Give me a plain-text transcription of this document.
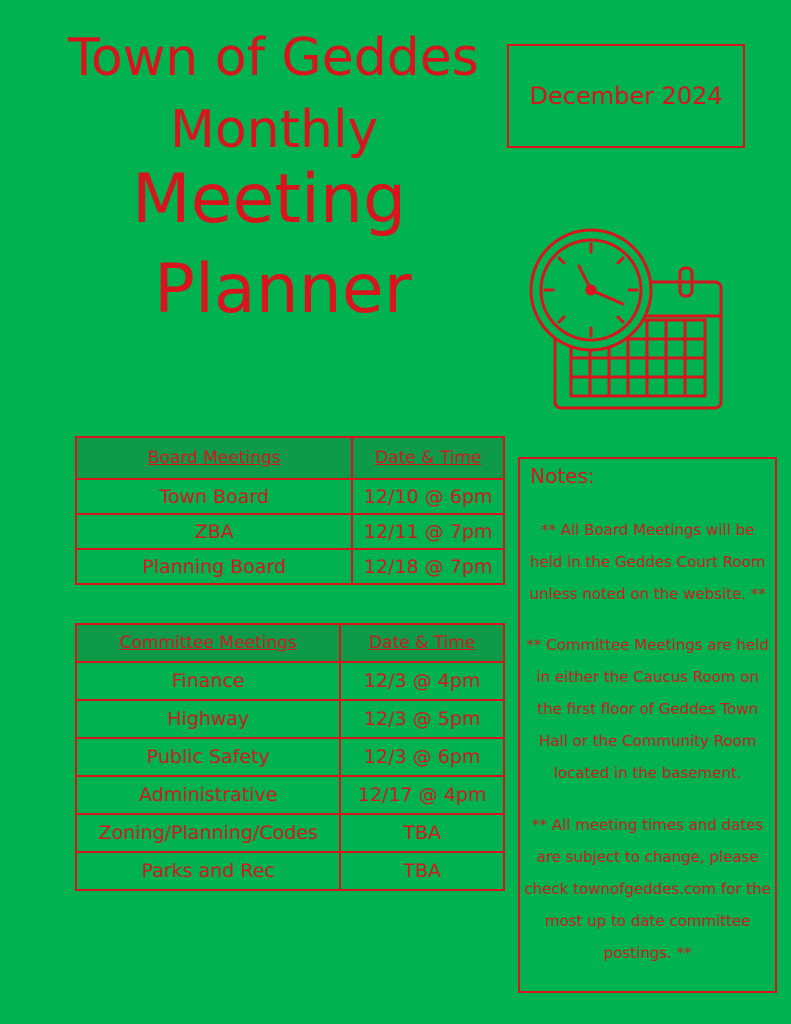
Town of Geddes
Monthly
Meeting
Planner
December 2024
Board Meetings	Date & Time
Town Board	12/10 @ 6pm
ZBA	12/11 @ 7pm
Planning Board	12/18 @ 7pm
Committee Meetings	Date & Time
Finance	12/3 @ 4pm
Highway	12/3 @ 5pm
Public Safety	12/3 @ 6pm
Administrative	12/17 @ 4pm
Zoning/Planning/Codes	TBA
Parks and Rec	TBA
Notes:

** All Board Meetings will be held in the Geddes Court Room unless noted on the website. **

** Committee Meetings are held in either the Caucus Room on the first floor of Geddes Town Hall or the Community Room located in the basement.

** All meeting times and dates are subject to change, please check townofgeddes.com for the most up to date committee postings. **
